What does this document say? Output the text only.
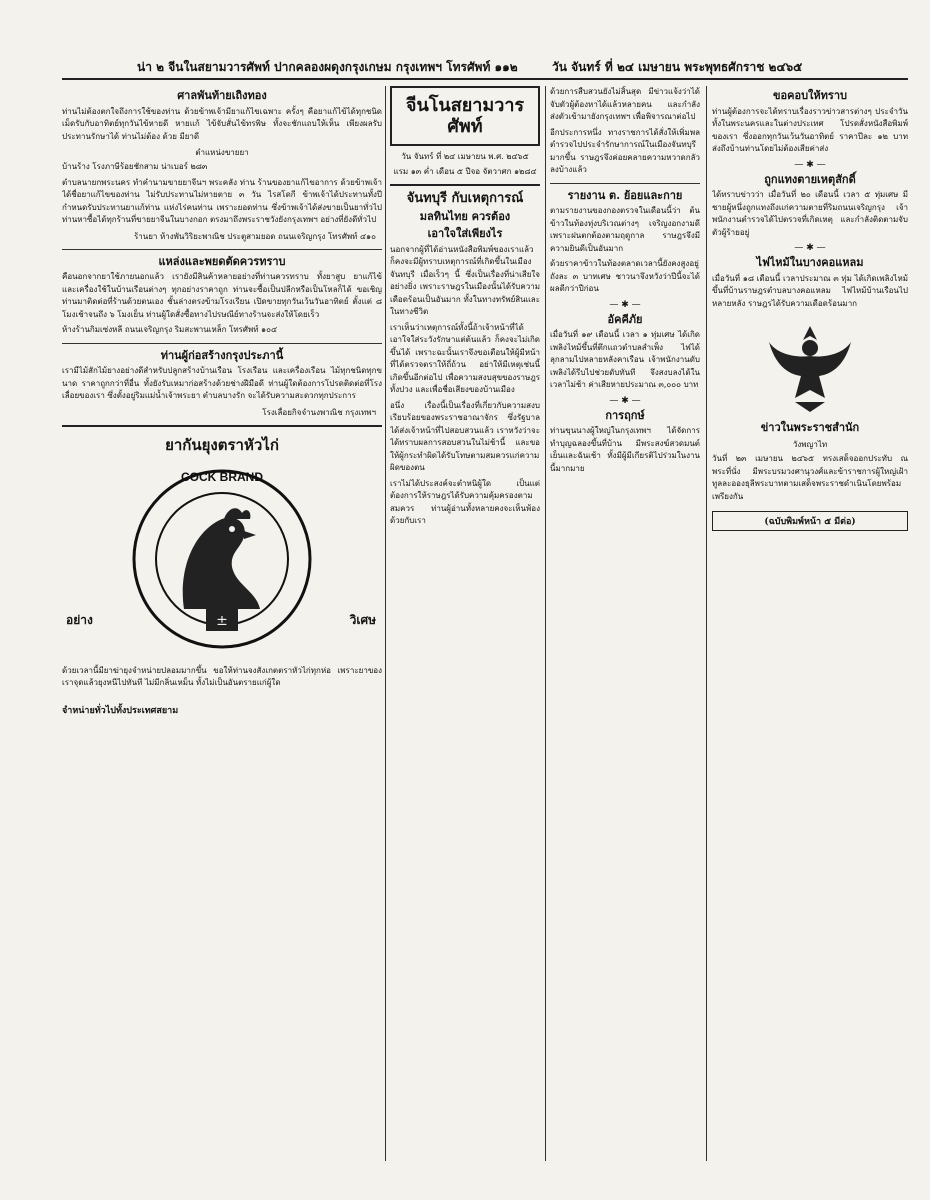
น่า ๒ จีนในสยามวารศัพท์ ปากคลองผดุงกรุงเกษม กรุงเทพฯ โทรศัพท์ ๑๑๒	วัน จันทร์ ที่ ๒๔ เมษายน พระพุทธศักราช ๒๔๖๕
ศาลพันท้ายเถิงทอง

ท่านไม่ต้องตกใจถึงการใช้ของท่าน ด้วยข้าพเจ้ามียาแก้ไขเฉพาะ ครั้งๆ คือยาแก้ไข้ได้ทุกชนิด เม็ดรับกับอาทิตย์ทุกวันไข้หายดี หายแก้ ไข้จับสั่นไข้ทรพิษ ทั้งจะชักแถบให้เห็น เพียงผลรับประทานรักษาได้ ท่านไม่ต้อง ด้วย มียาดี

ตำแหน่งขายยา

บ้านร้าง โรงภาษีร้อยชักสาม น่าเบอร์ ๒๘๓

ตำบลนายกพระนคร ทำคำนามขายยาจีนฯ พระคลัง ท่าน ร้านของยาแก้ไขอาการ ด้วยข้าพเจ้าได้ชื่อยาแก้ไขของท่าน ไม่รับประทานไม่หายตาย ๓ วัน ไรสโดกี ข้าพเจ้าได้ประทานทั้งปี กำหนดรับประทานยาแก้ท่าน แห่งไร่คนท่าน เพราะยอดท่าน ซึ่งข้าพเจ้าได้ส่งขายเป็นยาทั่วไป ท่านหาซื้อได้ทุกร้านที่ขายยาจีนในบางกอก ตรงมาถึงพระราชวังยังกรุงเทพฯ อย่างที่ยังดีทั่วไป

ร้านยา ห้างพันวิริยะพาณิช ประตูสามยอด ถนนเจริญกรุง โทรศัพท์ ๔๑๐
แหล่งและพยดตัดควรทราบ

คือนอกจากยาใช้ภายนอกแล้ว เรายังมีสินค้าหลายอย่างที่ท่านควรทราบ ทั้งยาสูบ ยาแก้ไข้ และเครื่องใช้ในบ้านเรือนต่างๆ ทุกอย่างราคาถูก ท่านจะซื้อเป็นปลีกหรือเป็นโหลก็ได้ ขอเชิญท่านมาติดต่อที่ร้านด้วยตนเอง ชั้นล่างตรงข้ามโรงเรียน เปิดขายทุกวันเว้นวันอาทิตย์ ตั้งแต่ ๘ โมงเช้าจนถึง ๖ โมงเย็น ท่านผู้ใดสั่งซื้อทางไปรษณีย์ทางร้านจะส่งให้โดยเร็ว

ห้างร้านกิมเซ่งหลี ถนนเจริญกรุง ริมสะพานเหล็ก โทรศัพท์ ๑๐๔

ท่านผู้ก่อสร้างกรุงประภานี้

เรามีไม้สักไม้ยางอย่างดีสำหรับปลูกสร้างบ้านเรือน โรงเรือน และเครื่องเรือน ไม้ทุกชนิดทุกขนาด ราคาถูกกว่าที่อื่น ทั้งยังรับเหมาก่อสร้างด้วยช่างฝีมือดี ท่านผู้ใดต้องการโปรดติดต่อที่โรงเลื่อยของเรา ซึ่งตั้งอยู่ริมแม่น้ำเจ้าพระยา ตำบลบางรัก จะได้รับความสะดวกทุกประการ

โรงเลื่อยกิจจำนงพาณิช กรุงเทพฯ
ยากันยุงตราหัวไก่
±
COCK BRAND
อย่าง	วิเศษ
ด้วยเวลานี้มียาฆ่ายุงจำหน่ายปลอมมากขึ้น ขอให้ท่านจงสังเกตตราหัวไก่ทุกห่อ เพราะยาของเราจุดแล้วยุงหนีไปทันที ไม่มีกลิ่นเหม็น ทั้งไม่เป็นอันตรายแก่ผู้ใด
จำหน่ายทั่วไปทั้งประเทศสยาม
จีนโนสยามวารศัพท์
วัน จันทร์ ที่ ๒๔ เมษายน พ.ศ. ๒๔๖๕
แรม ๑๓ ค่ำ เดือน ๕ ปีจอ จัตวาศก ๑๒๘๔
จันทบุรี กับเหตุการณ์
มลทินไทย ควรต้อง
เอาใจใส่เพียงไร

นอกจากผู้ที่ได้อ่านหนังสือพิมพ์ของเราแล้ว ก็คงจะมีผู้ทราบเหตุการณ์ที่เกิดขึ้นในเมืองจันทบุรี เมื่อเร็วๆ นี้ ซึ่งเป็นเรื่องที่น่าเสียใจอย่างยิ่ง เพราะราษฎรในเมืองนั้นได้รับความเดือดร้อนเป็นอันมาก ทั้งในทางทรัพย์สินและในทางชีวิต

เราเห็นว่าเหตุการณ์ทั้งนี้ถ้าเจ้าหน้าที่ได้เอาใจใส่ระวังรักษาแต่ต้นแล้ว ก็คงจะไม่เกิดขึ้นได้ เพราะฉะนั้นเราจึงขอเตือนให้ผู้มีหน้าที่ได้ตรวจตราให้ถี่ถ้วน อย่าให้มีเหตุเช่นนี้เกิดขึ้นอีกต่อไป เพื่อความสงบสุขของราษฎรทั้งปวง และเพื่อชื่อเสียงของบ้านเมือง

อนึ่ง เรื่องนี้เป็นเรื่องที่เกี่ยวกับความสงบเรียบร้อยของพระราชอาณาจักร ซึ่งรัฐบาลได้ส่งเจ้าหน้าที่ไปสอบสวนแล้ว เราหวังว่าจะได้ทราบผลการสอบสวนในไม่ช้านี้ และขอให้ผู้กระทำผิดได้รับโทษตามสมควรแก่ความผิดของตน

เราไม่ได้ประสงค์จะตำหนิผู้ใด เป็นแต่ต้องการให้ราษฎรได้รับความคุ้มครองตามสมควร ท่านผู้อ่านทั้งหลายคงจะเห็นพ้องด้วยกับเรา

ด้วยการสืบสวนยังไม่สิ้นสุด มีข่าวแจ้งว่าได้จับตัวผู้ต้องหาได้แล้วหลายคน และกำลังส่งตัวเข้ามายังกรุงเทพฯ เพื่อพิจารณาต่อไป

อีกประการหนึ่ง ทางราชการได้สั่งให้เพิ่มพลตำรวจไปประจำรักษาการณ์ในเมืองจันทบุรีมากขึ้น ราษฎรจึงค่อยคลายความหวาดกลัวลงบ้างแล้ว

รายงาน ต. ย้อยและกาย

ตามรายงานของกองตรวจในเดือนนี้ว่า ต้นข้าวในท้องทุ่งบริเวณต่างๆ เจริญงอกงามดี เพราะฝนตกต้องตามฤดูกาล ราษฎรจึงมีความยินดีเป็นอันมาก

ด้วยราคาข้าวในท้องตลาดเวลานี้ยังคงสูงอยู่ ถังละ ๓ บาทเศษ ชาวนาจึงหวังว่าปีนี้จะได้ผลดีกว่าปีก่อน

— ✱ —
อัคคีภัย

เมื่อวันที่ ๑๙ เดือนนี้ เวลา ๑ ทุ่มเศษ ได้เกิดเพลิงไหม้ขึ้นที่ตึกแถวตำบลสำเพ็ง ไฟได้ลุกลามไปหลายหลังคาเรือน เจ้าพนักงานดับเพลิงได้รีบไปช่วยดับทันที จึงสงบลงได้ในเวลาไม่ช้า ค่าเสียหายประมาณ ๓,๐๐๐ บาท

— ✱ —
การฤกษ์

ท่านขุนนางผู้ใหญ่ในกรุงเทพฯ ได้จัดการทำบุญฉลองขึ้นที่บ้าน มีพระสงฆ์สวดมนต์เย็นและฉันเช้า ทั้งมีผู้มีเกียรติไปร่วมในงานนี้มากมาย

ขอคอบให้ทราบ

ท่านผู้ต้องการจะได้ทราบเรื่องราวข่าวสารต่างๆ ประจำวันทั้งในพระนครและในต่างประเทศ โปรดสั่งหนังสือพิมพ์ของเรา ซึ่งออกทุกวันเว้นวันอาทิตย์ ราคาปีละ ๑๒ บาท ส่งถึงบ้านท่านโดยไม่ต้องเสียค่าส่ง

— ✱ —
ถูกแทงตายเหตุสักดิ์

ได้ทราบข่าวว่า เมื่อวันที่ ๒๐ เดือนนี้ เวลา ๕ ทุ่มเศษ มีชายผู้หนึ่งถูกแทงถึงแก่ความตายที่ริมถนนเจริญกรุง เจ้าพนักงานตำรวจได้ไปตรวจที่เกิดเหตุ และกำลังติดตามจับตัวผู้ร้ายอยู่

— ✱ —
ไฟไหม้ในบางคอแหลม

เมื่อวันที่ ๑๘ เดือนนี้ เวลาประมาณ ๓ ทุ่ม ได้เกิดเพลิงไหม้ขึ้นที่บ้านราษฎรตำบลบางคอแหลม ไฟไหม้บ้านเรือนไปหลายหลัง ราษฎรได้รับความเดือดร้อนมาก

ข่าวในพระราชสำนัก
วังพญาไท

วันที่ ๒๓ เมษายน ๒๔๖๕ ทรงเสด็จออกประทับ ณ พระที่นั่ง มีพระบรมวงศานุวงศ์และข้าราชการผู้ใหญ่เฝ้าทูลละอองธุลีพระบาทตามเสด็จพระราชดำเนินโดยพร้อมเพรียงกัน

(ฉบับพิมพ์หน้า ๕ มีต่อ)
